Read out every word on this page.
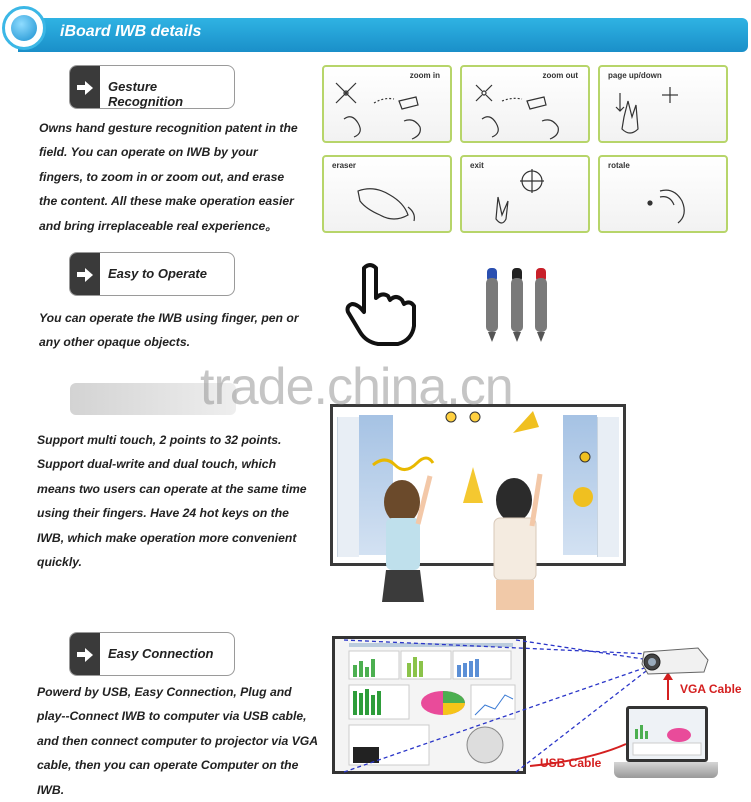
iBoard IWB details
Gesture Recognition
Owns hand gesture recognition patent in the
field. You can operate on IWB by your
fingers, to zoom in or zoom out, and erase
the content. All these make operation easier
and bring irreplaceable real experience。
zoom in	zoom out	page up/down
eraser	exit	rotale
Easy to Operate
You can operate the IWB using finger, pen or
any other opaque objects.
Support multi touch, 2 points to 32 points.
Support dual-write and dual touch, which
means two users can operate at the same time
using their fingers. Have 24 hot keys on the
IWB, which make operation more convenient
quickly.
trade.china.cn
Easy Connection
Powerd by USB, Easy Connection, Plug and
play--Connect IWB to computer via USB cable,
and then connect computer to projector via VGA
cable, then you can operate Computer on the
IWB.
VGA Cable
USB Cable
